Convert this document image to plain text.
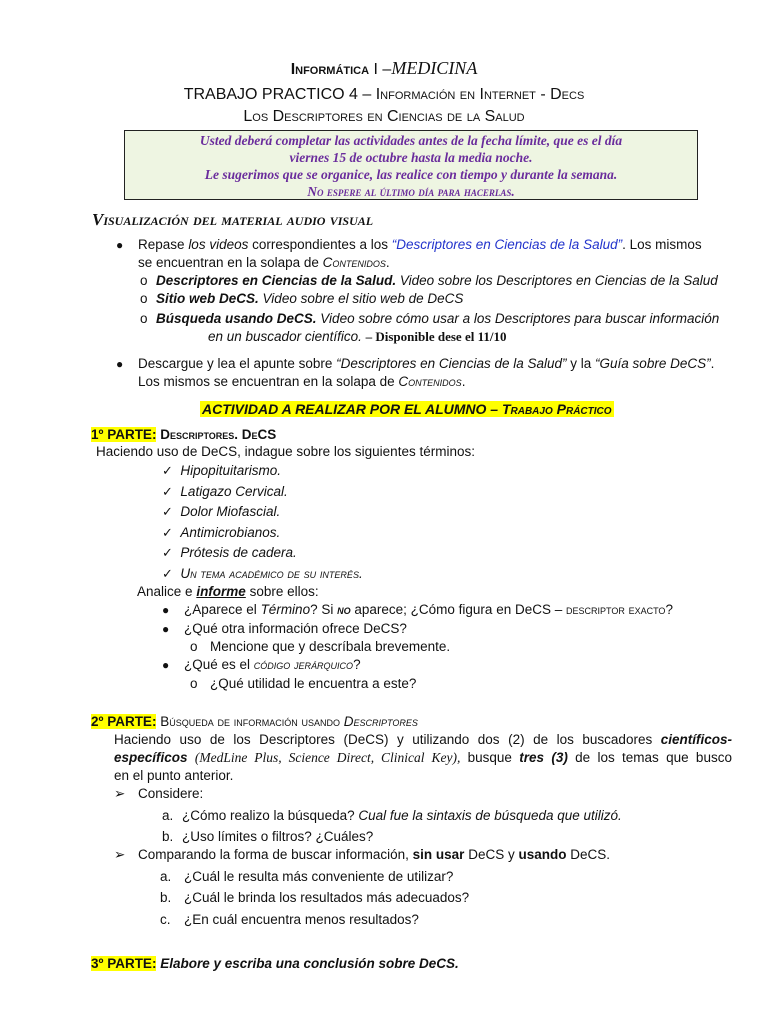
Informática I –MEDICINA
TRABAJO PRACTICO 4 – Información en Internet - Decs
Los Descriptores en Ciencias de la Salud
Usted deberá completar las actividades antes de la fecha límite, que es el día
viernes 15 de octubre hasta la media noche.
Le sugerimos que se organice, las realice con tiempo y durante la semana.
No espere al último día para hacerlas.
Visualización del material audio visual
● Repase los videos correspondientes a los “Descriptores en Ciencias de la Salud”. Los mismos
se encuentran en la solapa de Contenidos.
o Descriptores en Ciencias de la Salud. Video sobre los Descriptores en Ciencias de la Salud
o Sitio web DeCS. Video sobre el sitio web de DeCS
o Búsqueda usando DeCS. Video sobre cómo usar a los Descriptores para buscar información
en un buscador científico. – Disponible dese el 11/10
● Descargue y lea el apunte sobre “Descriptores en Ciencias de la Salud” y la “Guía sobre DeCS”.
Los mismos se encuentran en la solapa de Contenidos.
ACTIVIDAD A REALIZAR POR EL ALUMNO – Trabajo Práctico
1º PARTE: Descriptores. DeCS
Haciendo uso de DeCS, indague sobre los siguientes términos:
✓ Hipopituitarismo.
✓ Latigazo Cervical.
✓ Dolor Miofascial.
✓ Antimicrobianos.
✓ Prótesis de cadera.
✓ Un tema académico de su interés.
Analice e informe sobre ellos:
● ¿Aparece el Término? Si no aparece; ¿Cómo figura en DeCS – descriptor exacto?
● ¿Qué otra información ofrece DeCS?
o Mencione que y descríbala brevemente.
● ¿Qué es el código jerárquico?
o ¿Qué utilidad le encuentra a este?
2º PARTE: Búsqueda de información usando Descriptores
Haciendo uso de los Descriptores (DeCS) y utilizando dos (2) de los buscadores científicos-
específicos (MedLine Plus, Science Direct, Clinical Key), busque tres (3) de los temas que busco
en el punto anterior.
➢ Considere:
a. ¿Cómo realizo la búsqueda? Cual fue la sintaxis de búsqueda que utilizó.
b. ¿Uso límites o filtros? ¿Cuáles?
➢ Comparando la forma de buscar información, sin usar DeCS y usando DeCS.
a. ¿Cuál le resulta más conveniente de utilizar?
b. ¿Cuál le brinda los resultados más adecuados?
c. ¿En cuál encuentra menos resultados?
3º PARTE: Elabore y escriba una conclusión sobre DeCS.
